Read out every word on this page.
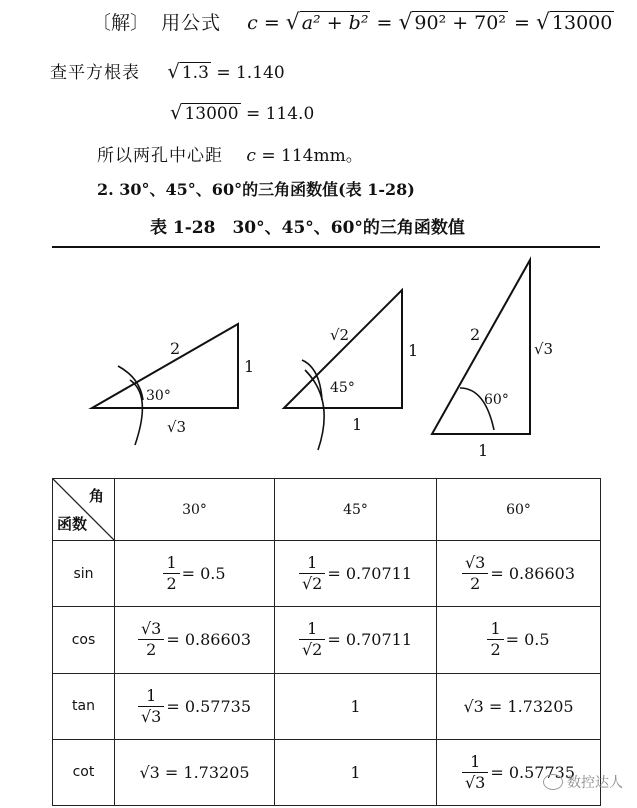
〔解〕 用公式 c = √ a² + b² = √ 90² + 70² = √ 13000
查平方根表 √ 1.3 = 1.140
√ 13000 = 114.0
所以两孔中心距 c = 114mm。
2. 30°、45°、60°的三角函数值(表 1-28)
表 1-28　30°、45°、60°的三角函数值
2
1
√3
30°
√2
1
1
45°
2
√3
1
60°
角
函数	30°	45°	60°
sin	$\frac{1}{2} = 0.5$	$\frac{1}{√2} = 0.70711$	$\frac{√3}{2} = 0.86603$
cos	$\frac{√3}{2} = 0.86603$	$\frac{1}{√2} = 0.70711$	$\frac{1}{2} = 0.5$
tan	$\frac{1}{√3} = 0.57735$	1	√3 = 1.73205
cot	√3 = 1.73205	1	$\frac{1}{√3} = 0.57735$
数控达人
